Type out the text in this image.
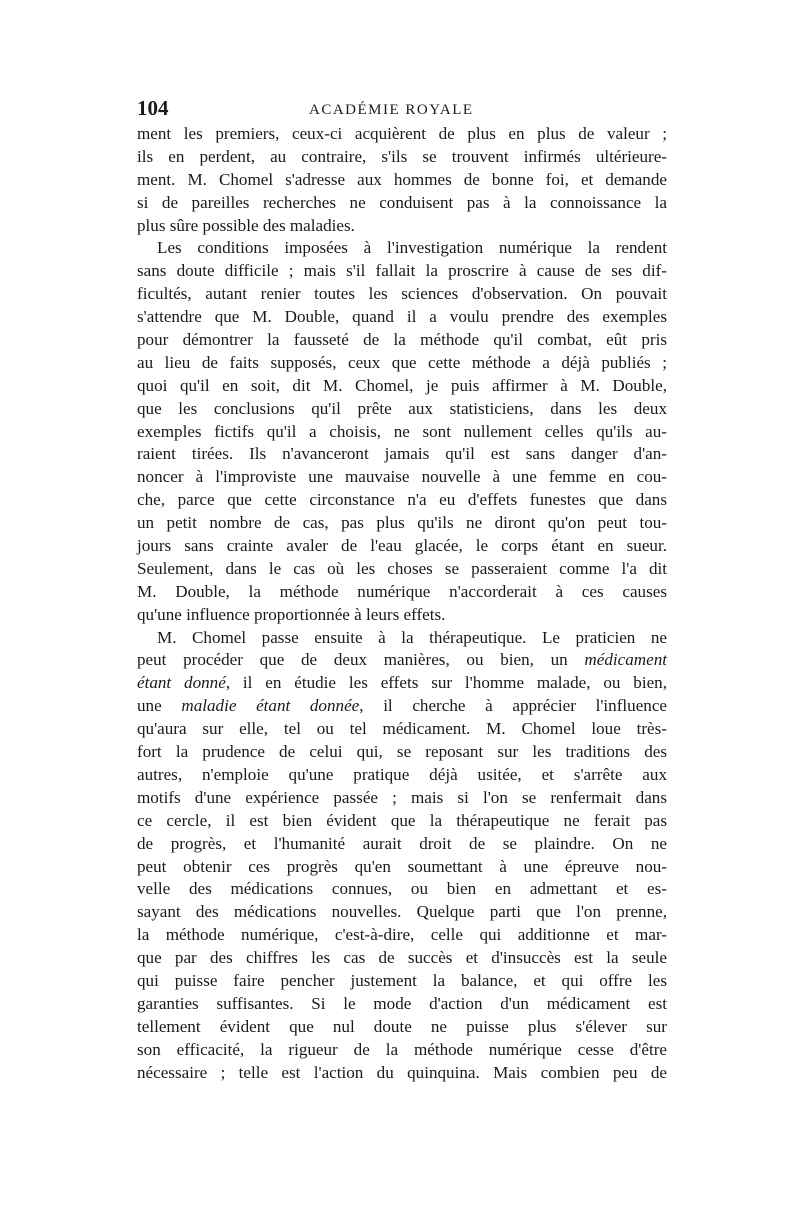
104	ACADÉMIE ROYALE
ment les premiers, ceux-ci acquièrent de plus en plus de valeur ;
ils en perdent, au contraire, s'ils se trouvent infirmés ultérieure-
ment. M. Chomel s'adresse aux hommes de bonne foi, et demande
si de pareilles recherches ne conduisent pas à la connoissance la
plus sûre possible des maladies.
Les conditions imposées à l'investigation numérique la rendent
sans doute difficile ; mais s'il fallait la proscrire à cause de ses dif-
ficultés, autant renier toutes les sciences d'observation. On pouvait
s'attendre que M. Double, quand il a voulu prendre des exemples
pour démontrer la fausseté de la méthode qu'il combat, eût pris
au lieu de faits supposés, ceux que cette méthode a déjà publiés ;
quoi qu'il en soit, dit M. Chomel, je puis affirmer à M. Double,
que les conclusions qu'il prête aux statisticiens, dans les deux
exemples fictifs qu'il a choisis, ne sont nullement celles qu'ils au-
raient tirées. Ils n'avanceront jamais qu'il est sans danger d'an-
noncer à l'improviste une mauvaise nouvelle à une femme en cou-
che, parce que cette circonstance n'a eu d'effets funestes que dans
un petit nombre de cas, pas plus qu'ils ne diront qu'on peut tou-
jours sans crainte avaler de l'eau glacée, le corps étant en sueur.
Seulement, dans le cas où les choses se passeraient comme l'a dit
M. Double, la méthode numérique n'accorderait à ces causes
qu'une influence proportionnée à leurs effets.
M. Chomel passe ensuite à la thérapeutique. Le praticien ne
peut procéder que de deux manières, ou bien, un médicament
étant donné, il en étudie les effets sur l'homme malade, ou bien,
une maladie étant donnée, il cherche à apprécier l'influence
qu'aura sur elle, tel ou tel médicament. M. Chomel loue très-
fort la prudence de celui qui, se reposant sur les traditions des
autres, n'emploie qu'une pratique déjà usitée, et s'arrête aux
motifs d'une expérience passée ; mais si l'on se renfermait dans
ce cercle, il est bien évident que la thérapeutique ne ferait pas
de progrès, et l'humanité aurait droit de se plaindre. On ne
peut obtenir ces progrès qu'en soumettant à une épreuve nou-
velle des médications connues, ou bien en admettant et es-
sayant des médications nouvelles. Quelque parti que l'on prenne,
la méthode numérique, c'est-à-dire, celle qui additionne et mar-
que par des chiffres les cas de succès et d'insuccès est la seule
qui puisse faire pencher justement la balance, et qui offre les
garanties suffisantes. Si le mode d'action d'un médicament est
tellement évident que nul doute ne puisse plus s'élever sur
son efficacité, la rigueur de la méthode numérique cesse d'être
nécessaire ; telle est l'action du quinquina. Mais combien peu de
